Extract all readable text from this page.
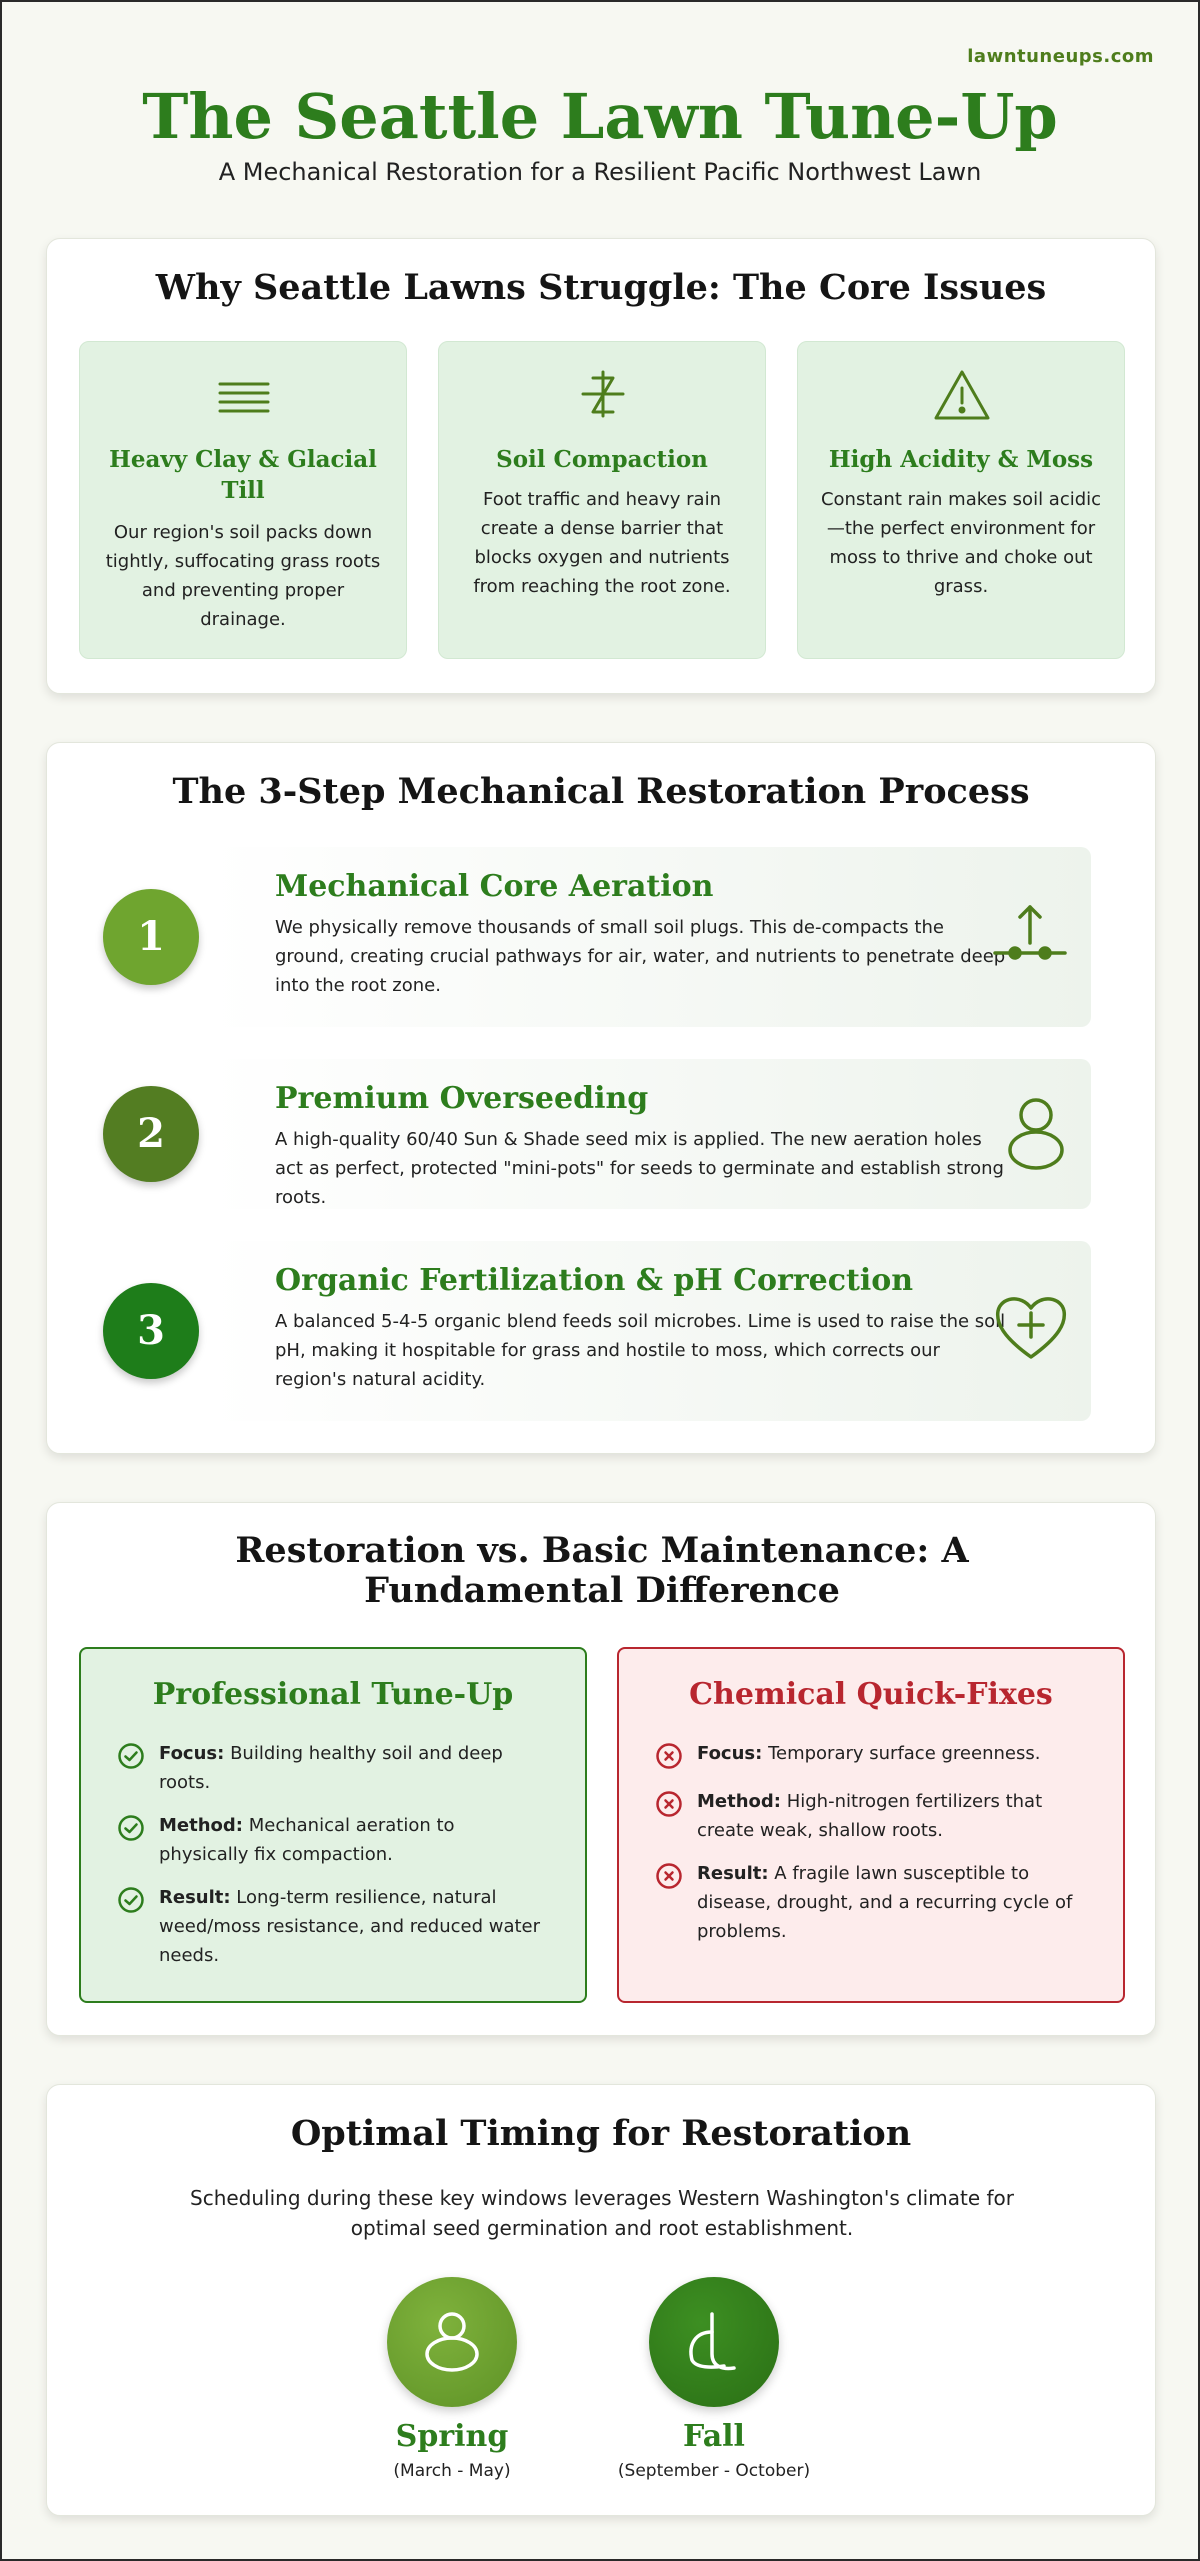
lawntuneups.com
The Seattle Lawn Tune-Up
A Mechanical Restoration for a Resilient Pacific Northwest Lawn
Why Seattle Lawns Struggle: The Core Issues
Heavy Clay & Glacial Till
Our region's soil packs down tightly, suffocating grass roots and preventing proper drainage.
Soil Compaction
Foot traffic and heavy rain create a dense barrier that blocks oxygen and nutrients from reaching the root zone.
High Acidity & Moss
Constant rain makes soil acidic—the perfect environment for moss to thrive and choke out grass.
The 3-Step Mechanical Restoration Process
Mechanical Core Aeration
We physically remove thousands of small soil plugs. This de-compacts the ground, creating crucial pathways for air, water, and nutrients to penetrate deep into the root zone.
1
Premium Overseeding
A high-quality 60/40 Sun & Shade seed mix is applied. The new aeration holes act as perfect, protected "mini-pots" for seeds to germinate and establish strong roots.
2
Organic Fertilization & pH Correction
A balanced 5-4-5 organic blend feeds soil microbes. Lime is used to raise the soil pH, making it hospitable for grass and hostile to moss, which corrects our region's natural acidity.
3
Restoration vs. Basic Maintenance: A Fundamental Difference
Professional Tune-Up
Focus: Building healthy soil and deep roots.
Method: Mechanical aeration to physically fix compaction.
Result: Long-term resilience, natural weed/moss resistance, and reduced water needs.
Chemical Quick-Fixes
Focus: Temporary surface greenness.
Method: High-nitrogen fertilizers that create weak, shallow roots.
Result: A fragile lawn susceptible to disease, drought, and a recurring cycle of problems.
Optimal Timing for Restoration
Scheduling during these key windows leverages Western Washington's climate for optimal seed germination and root establishment.
Spring
(March - May)
Fall
(September - October)
